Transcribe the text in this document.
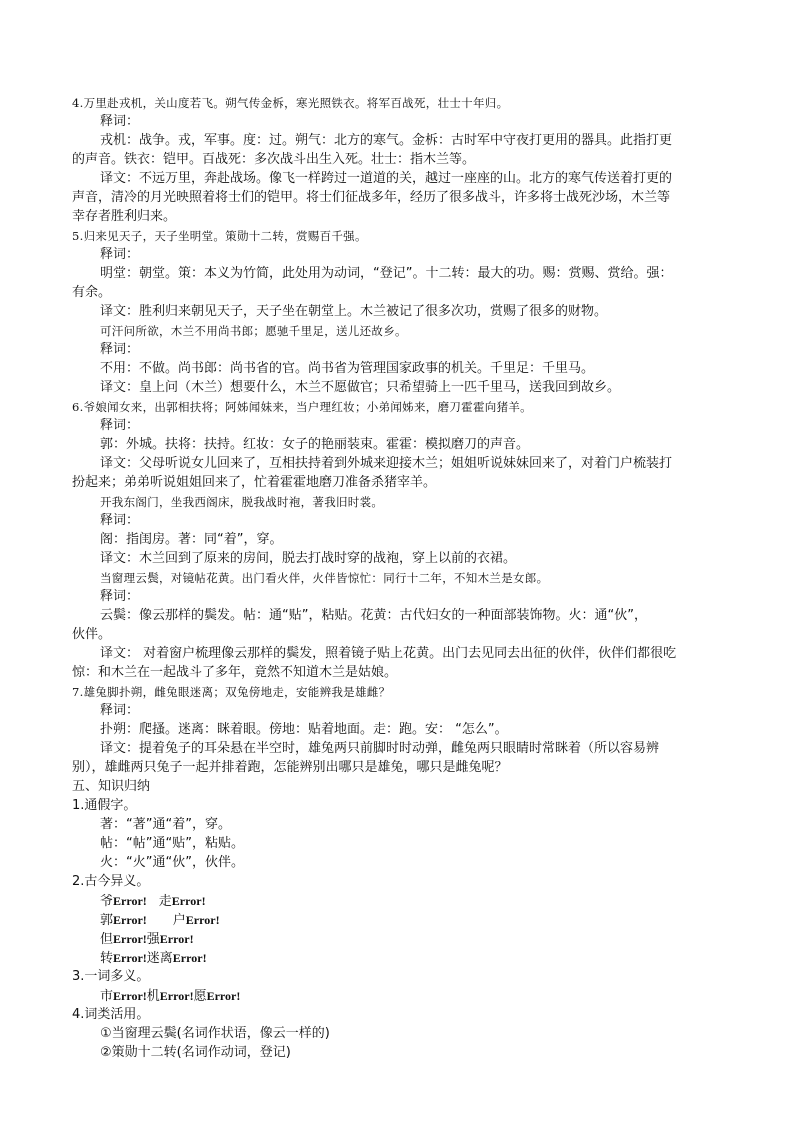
4.万里赴戎机，关山度若飞。朔气传金柝，寒光照铁衣。将军百战死，壮士十年归。
释词：
戎机：战争。戎，军事。度：过。朔气：北方的寒气。金柝：古时军中守夜打更用的器具。此指打更
的声音。铁衣：铠甲。百战死：多次战斗出生入死。壮士：指木兰等。
译文：不远万里，奔赴战场。像飞一样跨过一道道的关，越过一座座的山。北方的寒气传送着打更的
声音，清冷的月光映照着将士们的铠甲。将士们征战多年，经历了很多战斗，许多将士战死沙场，木兰等
幸存者胜利归来。
5.归来见天子，天子坐明堂。策勋十二转，赏赐百千强。
释词：
明堂：朝堂。策：本义为竹简，此处用为动词，“登记”。十二转：最大的功。赐：赏赐、赏给。强：
有余。
译文：胜利归来朝见天子，天子坐在朝堂上。木兰被记了很多次功，赏赐了很多的财物。
可汗问所欲，木兰不用尚书郎；愿驰千里足，送儿还故乡。
释词：
不用：不做。尚书郎：尚书省的官。尚书省为管理国家政事的机关。千里足：千里马。
译文：皇上问（木兰）想要什么，木兰不愿做官；只希望骑上一匹千里马，送我回到故乡。
6.爷娘闻女来，出郭相扶将；阿姊闻妹来，当户理红妆；小弟闻姊来，磨刀霍霍向猪羊。
释词：
郭：外城。扶将：扶持。红妆：女子的艳丽装束。霍霍：模拟磨刀的声音。
译文：父母听说女儿回来了，互相扶持着到外城来迎接木兰；姐姐听说妹妹回来了，对着门户梳装打
扮起来；弟弟听说姐姐回来了，忙着霍霍地磨刀准备杀猪宰羊。
开我东阁门，坐我西阁床，脱我战时袍，著我旧时裳。
释词：
阁：指闺房。著：同“着”，穿。
译文：木兰回到了原来的房间，脱去打战时穿的战袍，穿上以前的衣裙。
当窗理云鬓，对镜帖花黄。出门看火伴，火伴皆惊忙：同行十二年，不知木兰是女郎。
释词：
云鬓：像云那样的鬓发。帖：通“贴”，粘贴。花黄：古代妇女的一种面部装饰物。火：通“伙”，
伙伴。
译文： 对着窗户梳理像云那样的鬓发，照着镜子贴上花黄。出门去见同去出征的伙伴，伙伴们都很吃
惊：和木兰在一起战斗了多年，竟然不知道木兰是姑娘。
7.雄兔脚扑朔，雌兔眼迷离；双兔傍地走，安能辨我是雄雌？
释词：
扑朔：爬搔。迷离：眯着眼。傍地：贴着地面。走：跑。安： “怎么”。
译文：提着兔子的耳朵悬在半空时，雄兔两只前脚时时动弹，雌兔两只眼睛时常眯着（所以容易辨
别），雄雌两只兔子一起并排着跑，怎能辨别出哪只是雄兔，哪只是雌兔呢？
五、知识归纳
1.通假字。
著：“著”通“着”，穿。
帖：“帖”通“贴”，粘贴。
火：“火”通“伙”，伙伴。
2.古今异义。
爷Error! 走Error!
郭Error! 户Error!
但Error!强Error!
转Error!迷离Error!
3.一词多义。
市Error!机Error!愿Error!
4.词类活用。
①当窗理云鬓(名词作状语，像云一样的)
②策勋十二转(名词作动词，登记)
